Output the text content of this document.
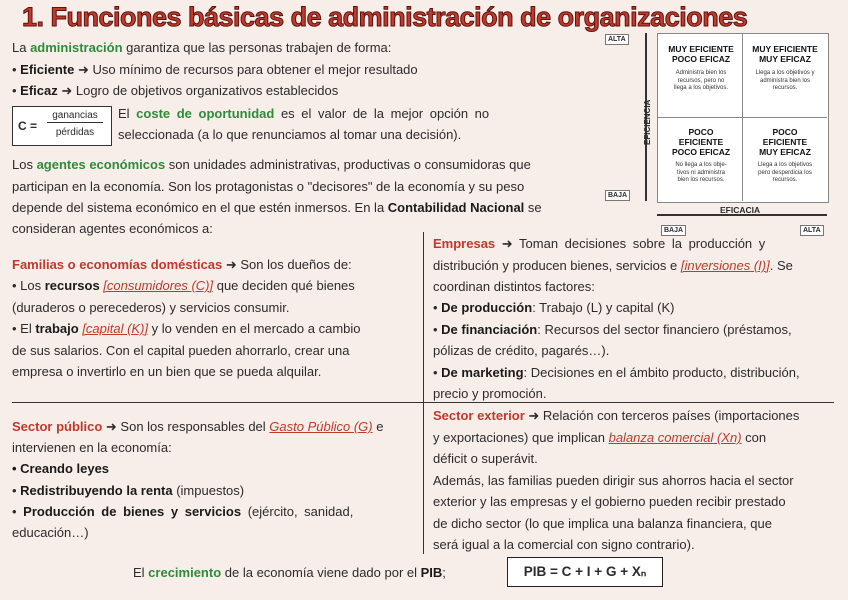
1. Funciones básicas de administración de organizaciones
La administración garantiza que las personas trabajen de forma:
• Eficiente ➜ Uso mínimo de recursos para obtener el mejor resultado
• Eficaz ➜ Logro de objetivos organizativos establecidos
C =
ganancias
pérdidas
El coste de oportunidad es el valor de la mejor opción no
seleccionada (a lo que renunciamos al tomar una decisión).
Los agentes económicos son unidades administrativas, productivas o consumidoras que
participan en la economía. Son los protagonistas o "decisores" de la economía y su peso
depende del sistema económico en el que estén inmersos. En la Contabilidad Nacional se
consideran agentes económicos a:
ALTA
BAJA
BAJA	ALTA
EFICIENCIA
EFICACIA
MUY EFICIENTE
POCO EFICAZ
Administra bien los
recursos, pero no
llega a los objetivos.
MUY EFICIENTE
MUY EFICAZ
Llega a los objetivos y
administra bien los
recursos.
POCO
EFICIENTE
POCO EFICAZ
No llega a los obje-
tivos ni administra
bien los recursos.
POCO
EFICIENTE
MUY EFICAZ
Llega a los objetivos
pero desperdicia los
recursos.
Familias o economías domésticas ➜ Son los dueños de:
• Los recursos [consumidores (C)] que deciden qué bienes
(duraderos o perecederos) y servicios consumir.
• El trabajo [capital (K)] y lo venden en el mercado a cambio
de sus salarios. Con el capital pueden ahorrarlo, crear una
empresa o invertirlo en un bien que se pueda alquilar.
Empresas ➜ Toman decisiones sobre la producción y
distribución y producen bienes, servicios e [inversiones (I)]. Se
coordinan distintos factores:
• De producción: Trabajo (L) y capital (K)
• De financiación: Recursos del sector financiero (préstamos,
pólizas de crédito, pagarés…).
• De marketing: Decisiones en el ámbito producto, distribución,
precio y promoción.
Sector público ➜ Son los responsables del Gasto Público (G) e
intervienen en la economía:
• Creando leyes
• Redistribuyendo la renta (impuestos)
• Producción de bienes y servicios (ejército, sanidad,
educación…)
Sector exterior ➜ Relación con terceros países (importaciones
y exportaciones) que implican balanza comercial (Xn) con
déficit o superávit.
Además, las familias pueden dirigir sus ahorros hacia el sector
exterior y las empresas y el gobierno pueden recibir prestado
de dicho sector (lo que implica una balanza financiera, que
será igual a la comercial con signo contrario).
El crecimiento de la economía viene dado por el PIB;	PIB = C + I + G + Xₙ
